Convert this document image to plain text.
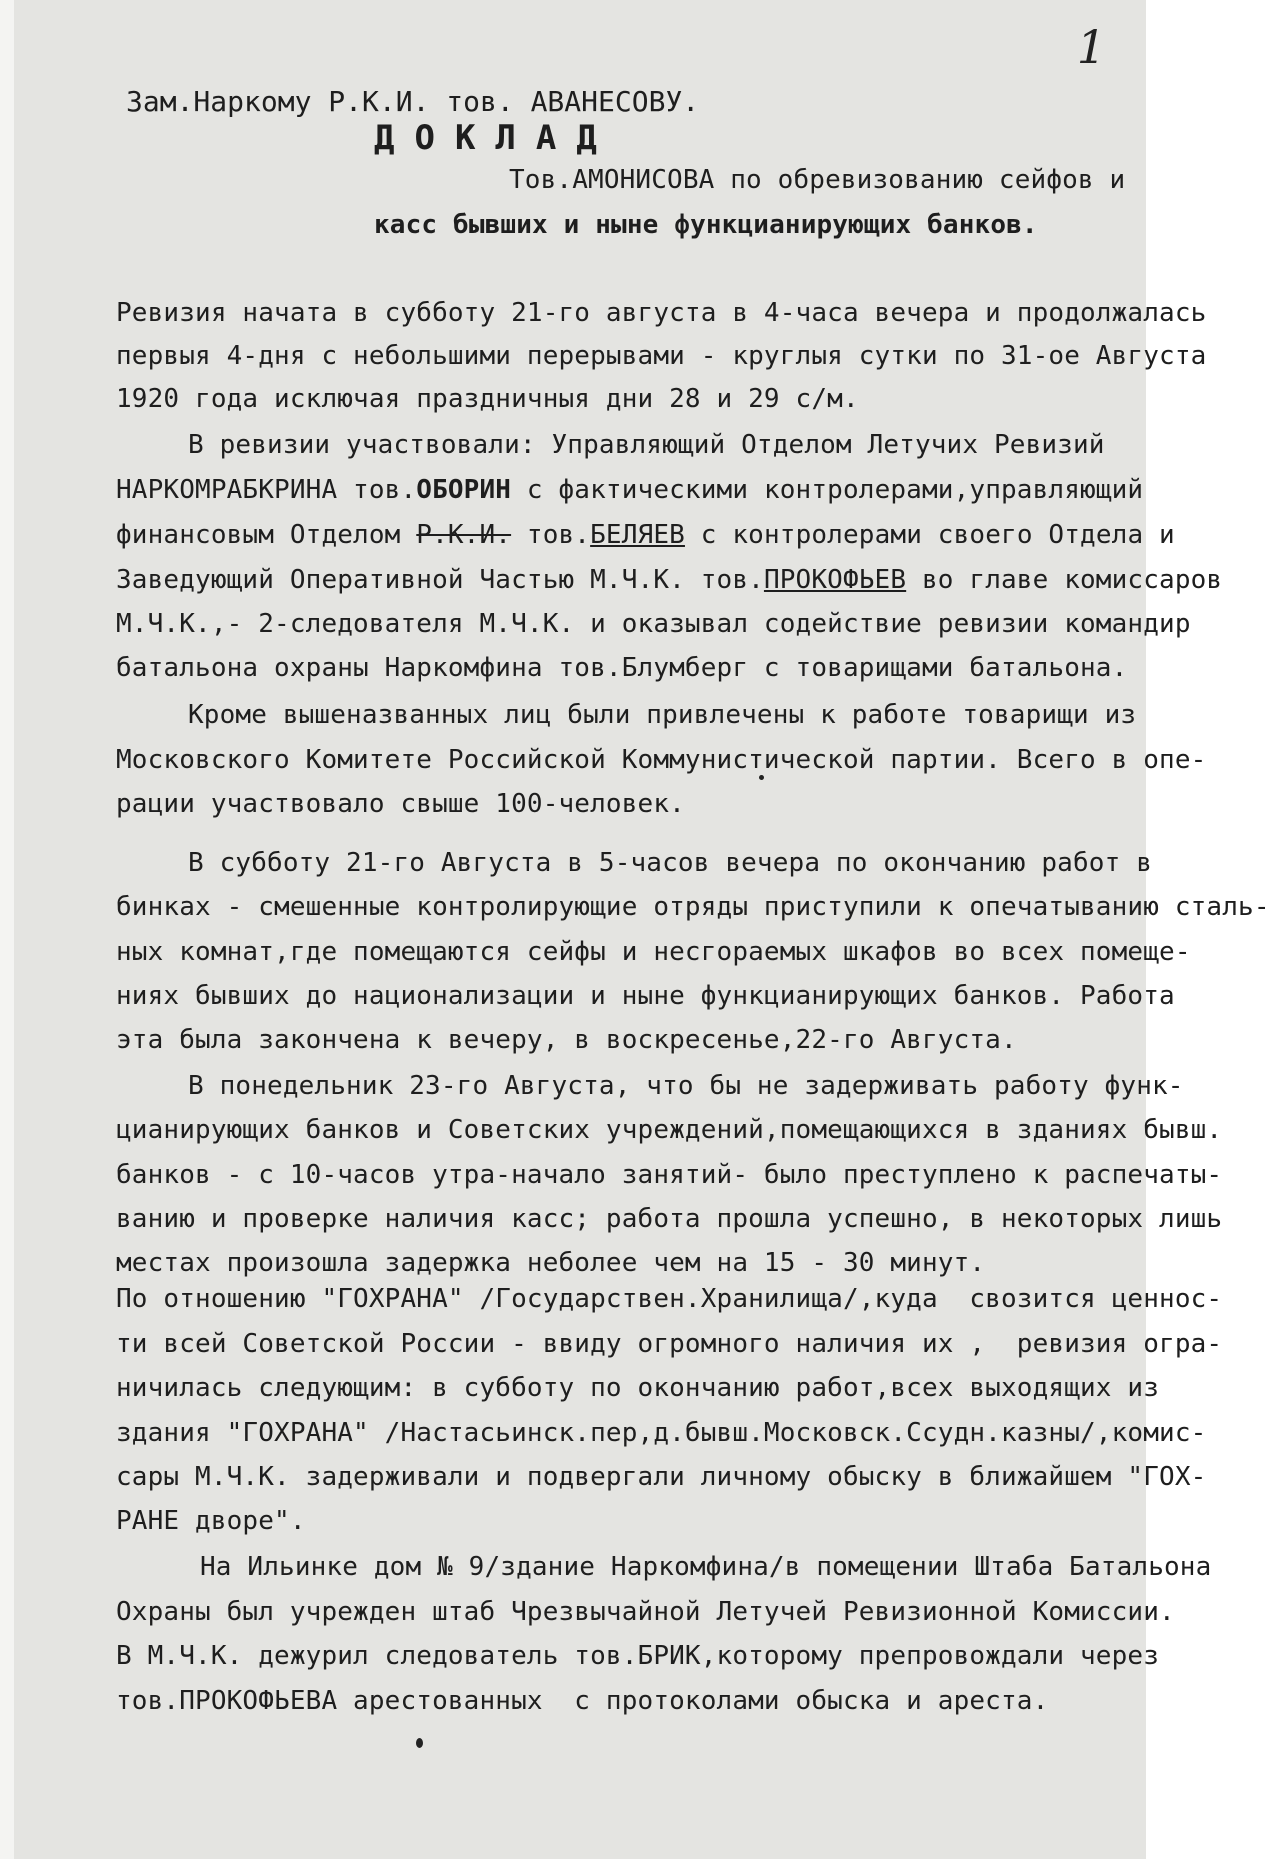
1
Зам.Наркому Р.К.И. тов. АВАНЕСОВУ.
ДОКЛАД
Тов.АМОНИСОВА по обревизованию сейфов и
касс бывших и ныне функцианирующих банков.
Ревизия начата в субботу 21-го августа в 4-часа вечера и продолжалась
первыя 4-дня с небольшими перерывами - круглыя сутки по 31-ое Августа
1920 года исключая праздничныя дни 28 и 29 с/м.
В ревизии участвовали: Управляющий Отделом Летучих Ревизий
НАРКОМРАБКРИНА тов.ОБОРИН с фактическими контролерами,управляющий
финансовым Отделом Р.К.И. тов.БЕЛЯЕВ с контролерами своего Отдела и
Заведующий Оперативной Частью М.Ч.К. тов.ПРОКОФЬЕВ во главе комиссаров
М.Ч.К.,- 2-следователя М.Ч.К. и оказывал содействие ревизии командир
батальона охраны Наркомфина тов.Блумберг с товарищами батальона.
Кроме вышеназванных лиц были привлечены к работе товарищи из
Московского Комитете Российской Коммунистической партии. Всего в опе-
рации участвовало свыше 100-человек.
В субботу 21-го Августа в 5-часов вечера по окончанию работ в
бинках - смешенные контролирующие отряды приступили к опечатыванию сталь-
ных комнат,где помещаются сейфы и несгораемых шкафов во всех помеще-
ниях бывших до национализации и ныне функцианирующих банков. Работа
эта была закончена к вечеру, в воскресенье,22-го Августа.
В понедельник 23-го Августа, что бы не задерживать работу функ-
цианирующих банков и Советских учреждений,помещающихся в зданиях бывш.
банков - с 10-часов утра-начало занятий- было преступлено к распечаты-
ванию и проверке наличия касс; работа прошла успешно, в некоторых лишь
местах произошла задержка неболее чем на 15 - 30 минут.
По отношению "ГОХРАНА" /Государствен.Хранилища/,куда  свозится ценнос-
ти всей Советской России - ввиду огромного наличия их ,  ревизия огра-
ничилась следующим: в субботу по окончанию работ,всех выходящих из
здания "ГОХРАНА" /Настасьинск.пер,д.бывш.Московск.Ссудн.казны/,комис-
сары М.Ч.К. задерживали и подвергали личному обыску в ближайшем "ГОХ-
РАНЕ дворе".
На Ильинке дом № 9/здание Наркомфина/в помещении Штаба Батальона
Охраны был учрежден штаб Чрезвычайной Летучей Ревизионной Комиссии.
В М.Ч.К. дежурил следователь тов.БРИК,которому препровождали через
тов.ПРОКОФЬЕВА арестованных  с протоколами обыска и ареста.
